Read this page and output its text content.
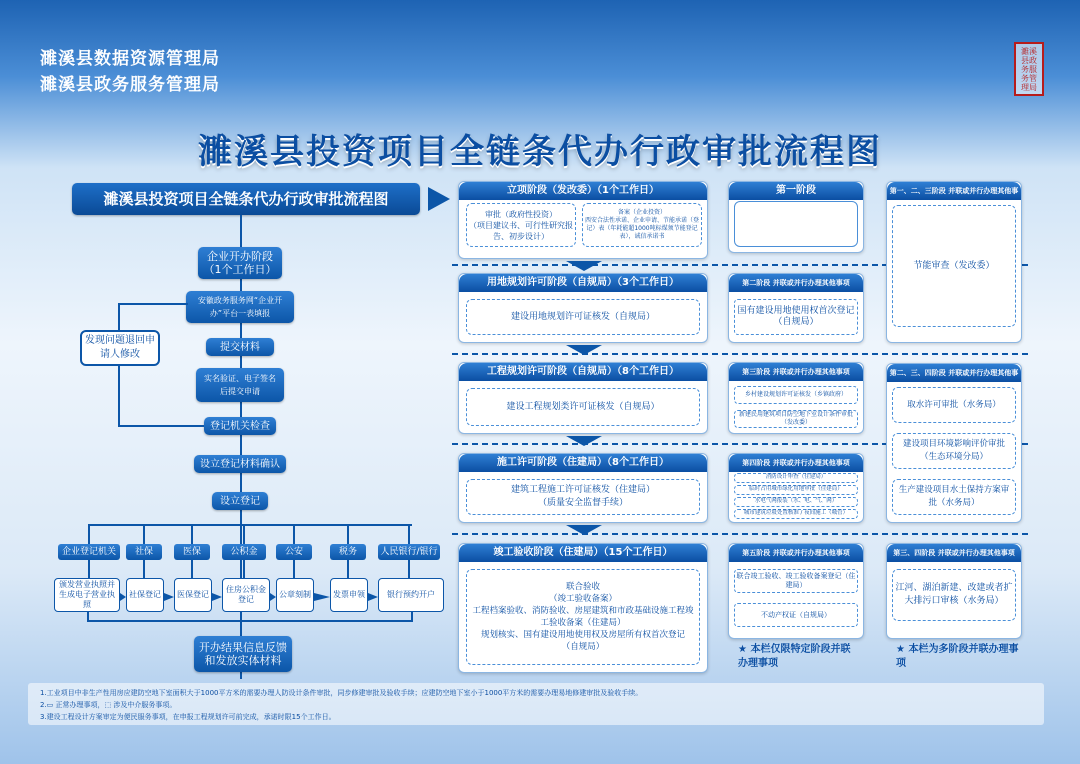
濉溪县数据资源管理局
濉溪县政务服务管理局
濉溪县政务服务管理局
濉溪县投资项目全链条代办行政审批流程图
濉溪县投资项目全链条代办行政审批流程图
企业开办阶段
（1个工作日）
安徽政务服务网“企业开办”平台一表填报
提交材料
实名验证、电子签名后提交申请
登记机关检查
设立登记材料确认
设立登记
发现问题退回申请人修改
企业登记机关	社保	医保	公积金	公安	税务	人民银行/银行
颁发营业执照并生成电子营业执照
社保登记	医保登记
住房公积金登记
公章刻制	发票申领	银行预约开户
开办结果信息反馈和发放实体材料
立项阶段（发改委）（1个工作日）
审批（政府性投资）
（项目建议书、可行性研究报告、初步设计）
备案（企业投资）
西安合法性承诺、企业申请、节能承诺（登记）表（年耗能超1000吨标煤须节能登记表），诚信承诺书
用地规划许可阶段（自规局）（3个工作日）
建设用地规划许可证核发（自规局）
工程规划许可阶段（自规局）（8个工作日）
建设工程规划类许可证核发（自规局）
施工许可阶段（住建局）（8个工作日）
建筑工程施工许可证核发（住建局）
（质量安全监督手续）
竣工验收阶段（住建局）（15个工作日）
联合验收
（竣工验收备案）
工程档案验收、消防验收、房屋建筑和市政基础设施工程竣工验收备案（住建局）
规划核实、国有建设用地使用权及房屋所有权首次登记
（自规局）
第一阶段
第二阶段 并联或并行办理其他事项
国有建设用地使用权首次登记（自规局）
第三阶段 并联或并行办理其他事项
乡村建设规划许可证核发（乡镇政府）
新建民用建筑项目防空地下室设计条件审批（发改委）
第四阶段 并联或并行办理其他事项
消防设计审查（住建局）
临时占用城市绿化用地审批（住建局）
水电气网报装（水、电、气、网）
城市建筑垃圾处置核准 / 夜间施工（城管）
第五阶段 并联或并行办理其他事项
联合竣工验收、竣工验收备案登记（住建局）
不动产权证（自规局）
第一、二、三阶段 并联或并行办理其他事项
节能审查（发改委）
第二、三、四阶段 并联或并行办理其他事项
取水许可审批（水务局）
建设项目环境影响评价审批（生态环境分局）
生产建设项目水土保持方案审批（水务局）
第三、四阶段 并联或并行办理其他事项
江河、湖泊新建、改建或者扩大排污口审核（水务局）
★ 本栏仅限特定阶段并联办理事项
★ 本栏为多阶段并联办理事项
1.工业项目中非生产性用房应建防空地下室面积大于1000平方米的需要办理人防设计条件审批，同步修建审批及验收手续；应建防空地下室小于1000平方米的需要办理易地修建审批及验收手续。
2.▭ 正常办理事项，⬚ 涉及中介服务事项。
3.建设工程设计方案审定为便民服务事项，在申报工程规划许可前完成，承诺时限15个工作日。
